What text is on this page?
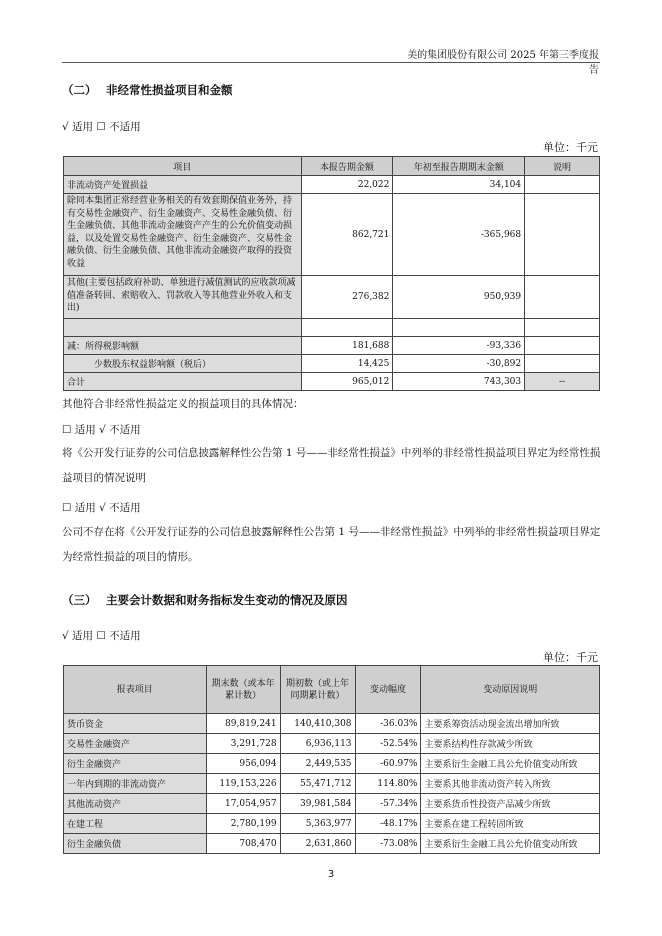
美的集团股份有限公司 2025 年第三季度报告
（二） 非经常性损益项目和金额
√ 适用 ☐ 不适用
单位：千元
项目	本报告期金额	年初至报告期期末金额	说明
非流动资产处置损益	22,022	34,104	
除同本集团正常经营业务相关的有效套期保值业务外，持有交易性金融资产、衍生金融资产、交易性金融负债、衍生金融负债、其他非流动金融资产产生的公允价值变动损益，以及处置交易性金融资产、衍生金融资产、交易性金融负债、衍生金融负债、其他非流动金融资产取得的投资收益	862,721	-365,968	
其他(主要包括政府补助、单独进行减值测试的应收款项减值准备转回、索赔收入、罚款收入等其他营业外收入和支出)	276,382	950,939	

减：所得税影响额	181,688	-93,336	
少数股东权益影响额（税后）	14,425	-30,892	
合计	965,012	743,303	--
其他符合非经常性损益定义的损益项目的具体情况：
☐ 适用 √ 不适用
将《公开发行证券的公司信息披露解释性公告第 1 号——非经常性损益》中列举的非经常性损益项目界定为经常性损益项目的情况说明
☐ 适用 √ 不适用
公司不存在将《公开发行证券的公司信息披露解释性公告第 1 号——非经常性损益》中列举的非经常性损益项目界定为经常性损益的项目的情形。
（三） 主要会计数据和财务指标发生变动的情况及原因
√ 适用 ☐ 不适用
单位：千元
报表项目	期末数（或本年累计数）	期初数（或上年同期累计数）	变动幅度	变动原因说明
货币资金	89,819,241	140,410,308	-36.03%	主要系筹资活动现金流出增加所致
交易性金融资产	3,291,728	6,936,113	-52.54%	主要系结构性存款减少所致
衍生金融资产	956,094	2,449,535	-60.97%	主要系衍生金融工具公允价值变动所致
一年内到期的非流动资产	119,153,226	55,471,712	114.80%	主要系其他非流动资产转入所致
其他流动资产	17,054,957	39,981,584	-57.34%	主要系货币性投资产品减少所致
在建工程	2,780,199	5,363,977	-48.17%	主要系在建工程转固所致
衍生金融负债	708,470	2,631,860	-73.08%	主要系衍生金融工具公允价值变动所致
3
